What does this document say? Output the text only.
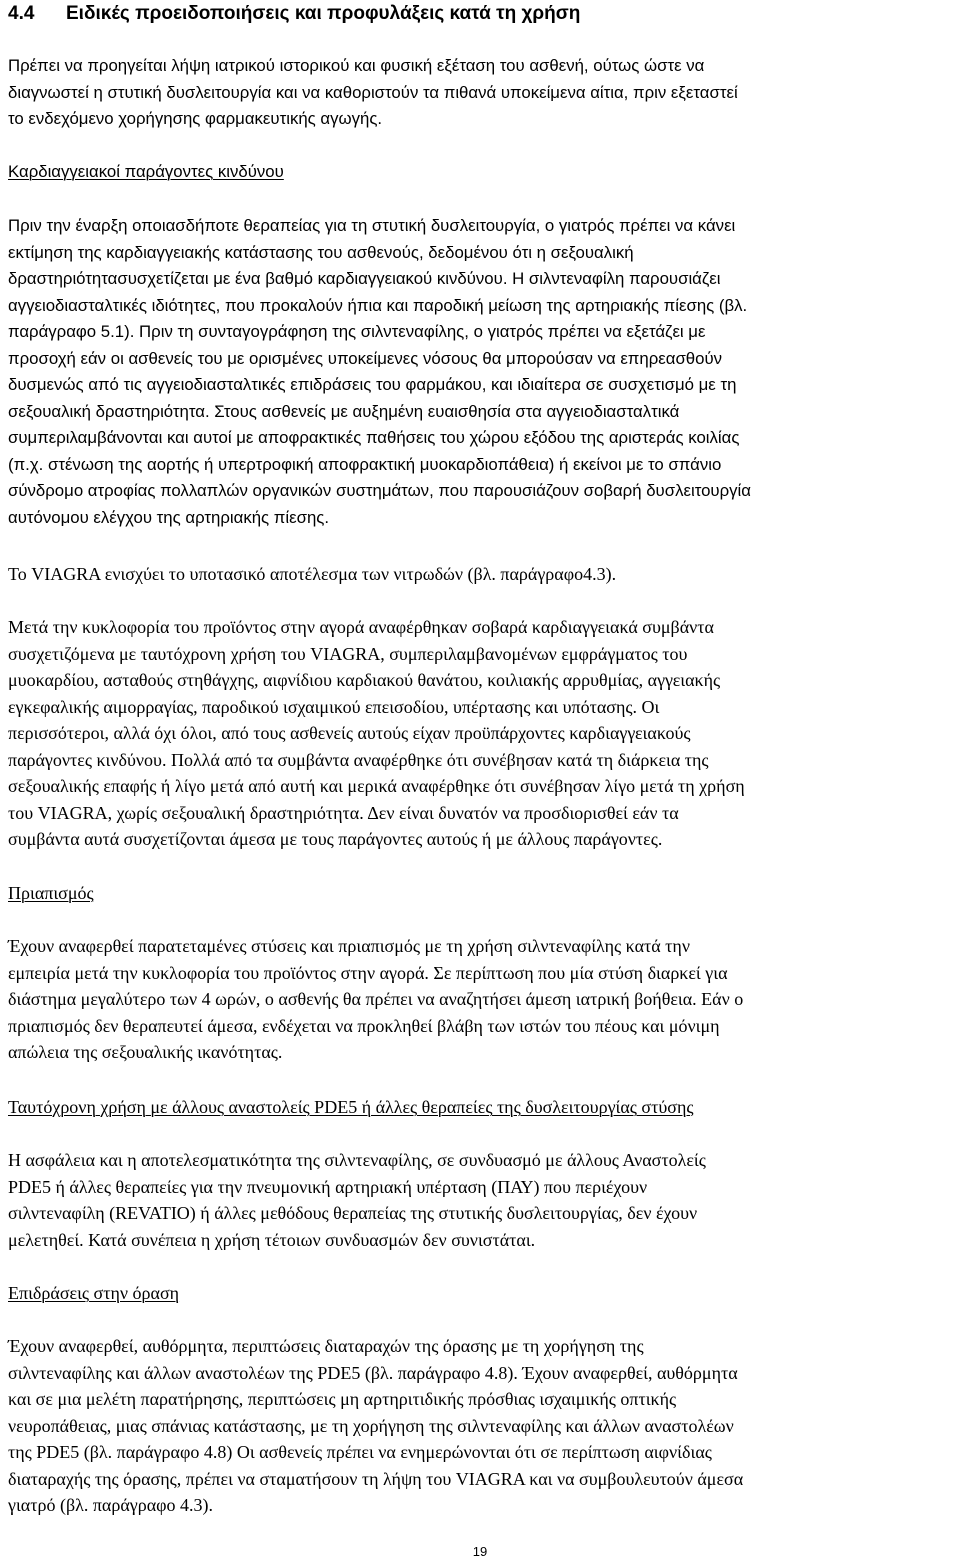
4.4 Ειδικές προειδοποιήσεις και προφυλάξεις κατά τη χρήση
Πρέπει να προηγείται λήψη ιατρικού ιστορικού και φυσική εξέταση του ασθενή, ούτως ώστε να
διαγνωστεί η στυτική δυσλειτουργία και να καθοριστούν τα πιθανά υποκείμενα αίτια, πριν εξεταστεί
το ενδεχόμενο χορήγησης φαρμακευτικής αγωγής.
Καρδιαγγειακοί παράγοντες κινδύνου
Πριν την έναρξη οποιασδήποτε θεραπείας για τη στυτική δυσλειτουργία, ο γιατρός πρέπει να κάνει
εκτίμηση της καρδιαγγειακής κατάστασης του ασθενούς, δεδομένου ότι η σεξουαλική
δραστηριότητασυσχετίζεται με ένα βαθμό καρδιαγγειακού κινδύνου. Η σιλντεναφίλη παρουσιάζει
αγγειοδιασταλτικές ιδιότητες, που προκαλούν ήπια και παροδική μείωση της αρτηριακής πίεσης (βλ.
παράγραφο 5.1). Πριν τη συνταγογράφηση της σιλντεναφίλης, ο γιατρός πρέπει να εξετάζει με
προσοχή εάν οι ασθενείς του με ορισμένες υποκείμενες νόσους θα μπορούσαν να επηρεασθούν
δυσμενώς από τις αγγειοδιασταλτικές επιδράσεις του φαρμάκου, και ιδιαίτερα σε συσχετισμό με τη
σεξουαλική δραστηριότητα. Στους ασθενείς με αυξημένη ευαισθησία στα αγγειοδιασταλτικά
συμπεριλαμβάνονται και αυτοί με αποφρακτικές παθήσεις του χώρου εξόδου της αριστεράς κοιλίας
(π.χ. στένωση της αορτής ή υπερτροφική αποφρακτική μυοκαρδιοπάθεια) ή εκείνοι με το σπάνιο
σύνδρομο ατροφίας πολλαπλών οργανικών συστημάτων, που παρουσιάζουν σοβαρή δυσλειτουργία
αυτόνομου ελέγχου της αρτηριακής πίεσης.
Το VIAGRA ενισχύει το υποτασικό αποτέλεσμα των νιτρωδών (βλ. παράγραφο4.3).
Μετά την κυκλοφορία του προϊόντος στην αγορά αναφέρθηκαν σοβαρά καρδιαγγειακά συμβάντα
συσχετιζόμενα με ταυτόχρονη χρήση του VIAGRA, συμπεριλαμβανομένων εμφράγματος του
μυοκαρδίου, ασταθούς στηθάγχης, αιφνίδιου καρδιακού θανάτου, κοιλιακής αρρυθμίας, αγγειακής
εγκεφαλικής αιμορραγίας, παροδικού ισχαιμικού επεισοδίου, υπέρτασης και υπότασης. Οι
περισσότεροι, αλλά όχι όλοι, από τους ασθενείς αυτούς είχαν προϋπάρχοντες καρδιαγγειακούς
παράγοντες κινδύνου. Πολλά από τα συμβάντα αναφέρθηκε ότι συνέβησαν κατά τη διάρκεια της
σεξουαλικής επαφής ή λίγο μετά από αυτή και μερικά αναφέρθηκε ότι συνέβησαν λίγο μετά τη χρήση
του VIAGRA, χωρίς σεξουαλική δραστηριότητα. Δεν είναι δυνατόν να προσδιορισθεί εάν τα
συμβάντα αυτά συσχετίζονται άμεσα με τους παράγοντες αυτούς ή με άλλους παράγοντες.
Πριαπισμός
Έχουν αναφερθεί παρατεταμένες στύσεις και πριαπισμός με τη χρήση σιλντεναφίλης κατά την
εμπειρία μετά την κυκλοφορία του προϊόντος στην αγορά. Σε περίπτωση που μία στύση διαρκεί για
διάστημα μεγαλύτερο των 4 ωρών, ο ασθενής θα πρέπει να αναζητήσει άμεση ιατρική βοήθεια. Εάν ο
πριαπισμός δεν θεραπευτεί άμεσα, ενδέχεται να προκληθεί βλάβη των ιστών του πέους και μόνιμη
απώλεια της σεξουαλικής ικανότητας.
Ταυτόχρονη χρήση με άλλους αναστολείς PDE5 ή άλλες θεραπείες της δυσλειτουργίας στύσης
Η ασφάλεια και η αποτελεσματικότητα της σιλντεναφίλης, σε συνδυασμό με άλλους Αναστολείς
PDE5 ή άλλες θεραπείες για την πνευμονική αρτηριακή υπέρταση (ΠΑΥ) που περιέχουν
σιλντεναφίλη (REVATIO) ή άλλες μεθόδους θεραπείας της στυτικής δυσλειτουργίας, δεν έχουν
μελετηθεί. Κατά συνέπεια η χρήση τέτοιων συνδυασμών δεν συνιστάται.
Επιδράσεις στην όραση
Έχουν αναφερθεί, αυθόρμητα, περιπτώσεις διαταραχών της όρασης με τη χορήγηση της
σιλντεναφίλης και άλλων αναστολέων της PDE5 (βλ. παράγραφο 4.8). Έχουν αναφερθεί, αυθόρμητα
και σε μια μελέτη παρατήρησης, περιπτώσεις μη αρτηριτιδικής πρόσθιας ισχαιμικής οπτικής
νευροπάθειας, μιας σπάνιας κατάστασης, με τη χορήγηση της σιλντεναφίλης και άλλων αναστολέων
της PDE5 (βλ. παράγραφο 4.8) Οι ασθενείς πρέπει να ενημερώνονται ότι σε περίπτωση αιφνίδιας
διαταραχής της όρασης, πρέπει να σταματήσουν τη λήψη του VIAGRA και να συμβουλευτούν άμεσα
γιατρό (βλ. παράγραφο 4.3).
19
